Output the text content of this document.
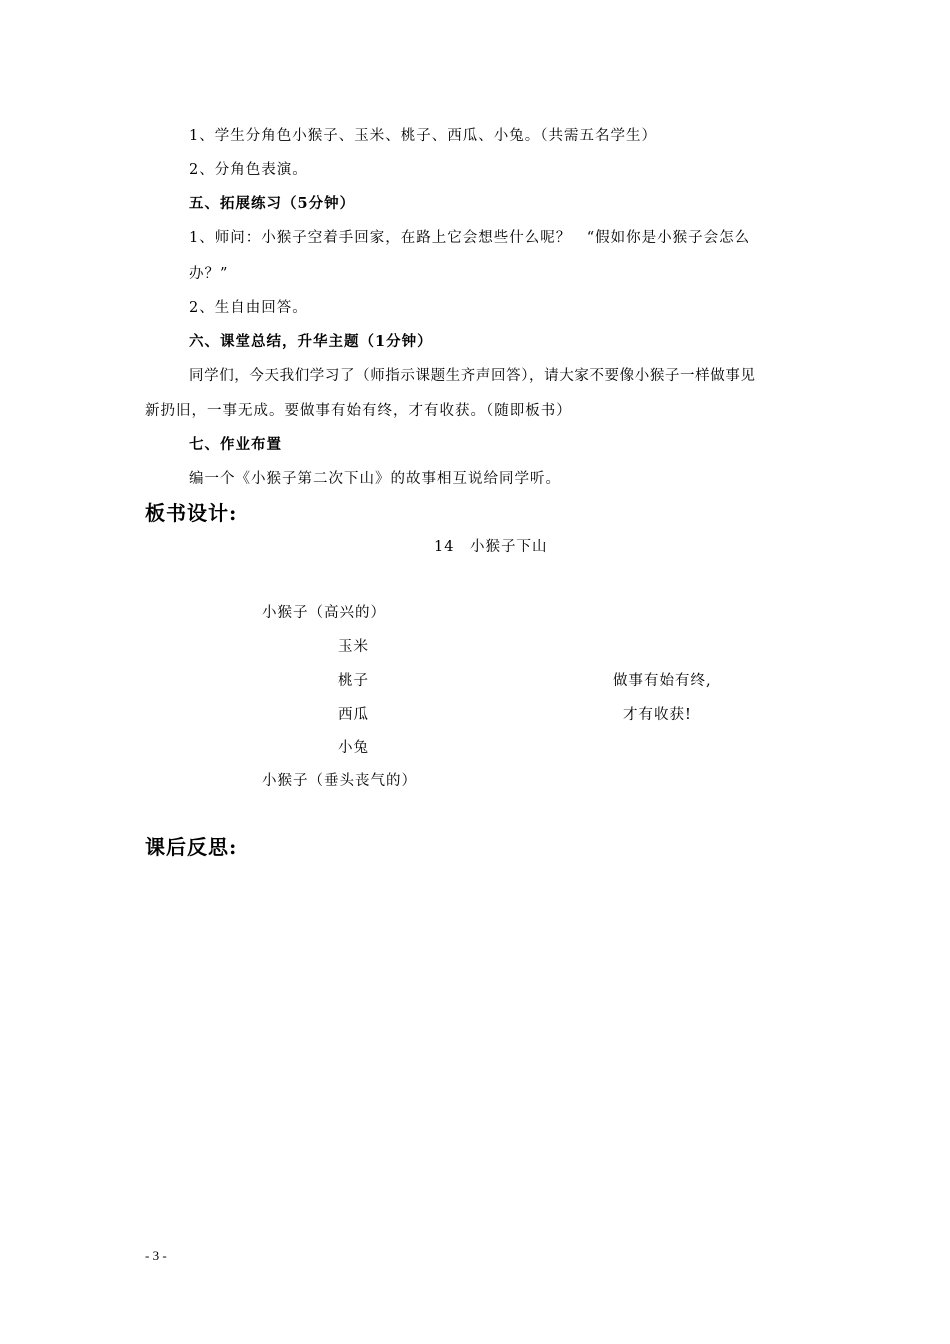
1、学生分角色小猴子、玉米、桃子、西瓜、小兔。（共需五名学生）
2、分角色表演。
五、拓展练习（5分钟）
1、师问：小猴子空着手回家，在路上它会想些什么呢？　“假如你是小猴子会怎么
办？”
2、生自由回答。
六、课堂总结，升华主题（1分钟）
同学们，今天我们学习了（师指示课题生齐声回答），请大家不要像小猴子一样做事见
新扔旧，一事无成。要做事有始有终，才有收获。（随即板书）
七、作业布置
编一个《小猴子第二次下山》的故事相互说给同学听。
板书设计:
14　小猴子下山
小猴子（高兴的）
玉米
桃子
西瓜
小兔
小猴子（垂头丧气的）
做事有始有终,
才有收获!
课后反思:
- 3 -
